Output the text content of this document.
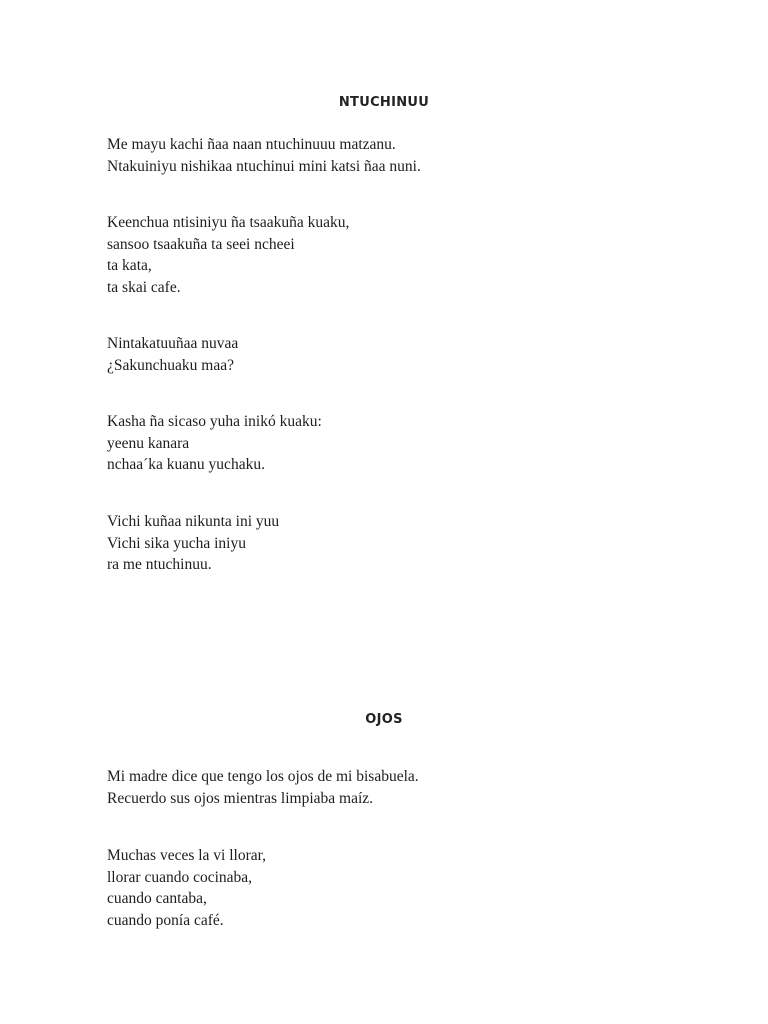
NTUCHINUU
Me mayu kachi ñaa naan ntuchinuuu matzanu.
Ntakuiniyu nishikaa ntuchinui mini katsi ñaa nuni.
Keenchua ntisiniyu ña tsaakuña kuaku,
sansoo tsaakuña ta seei ncheei
ta kata,
ta skai cafe.
Nintakatuuñaa nuvaa
¿Sakunchuaku maa?
Kasha ña sicaso yuha inikó kuaku:
yeenu kanara
nchaa´ka kuanu yuchaku.
Vichi kuñaa nikunta ini yuu
Vichi sika yucha iniyu
ra me ntuchinuu.
OJOS
Mi madre dice que tengo los ojos de mi bisabuela.
Recuerdo sus ojos mientras limpiaba maíz.
Muchas veces la vi llorar,
llorar cuando cocinaba,
cuando cantaba,
cuando ponía café.
